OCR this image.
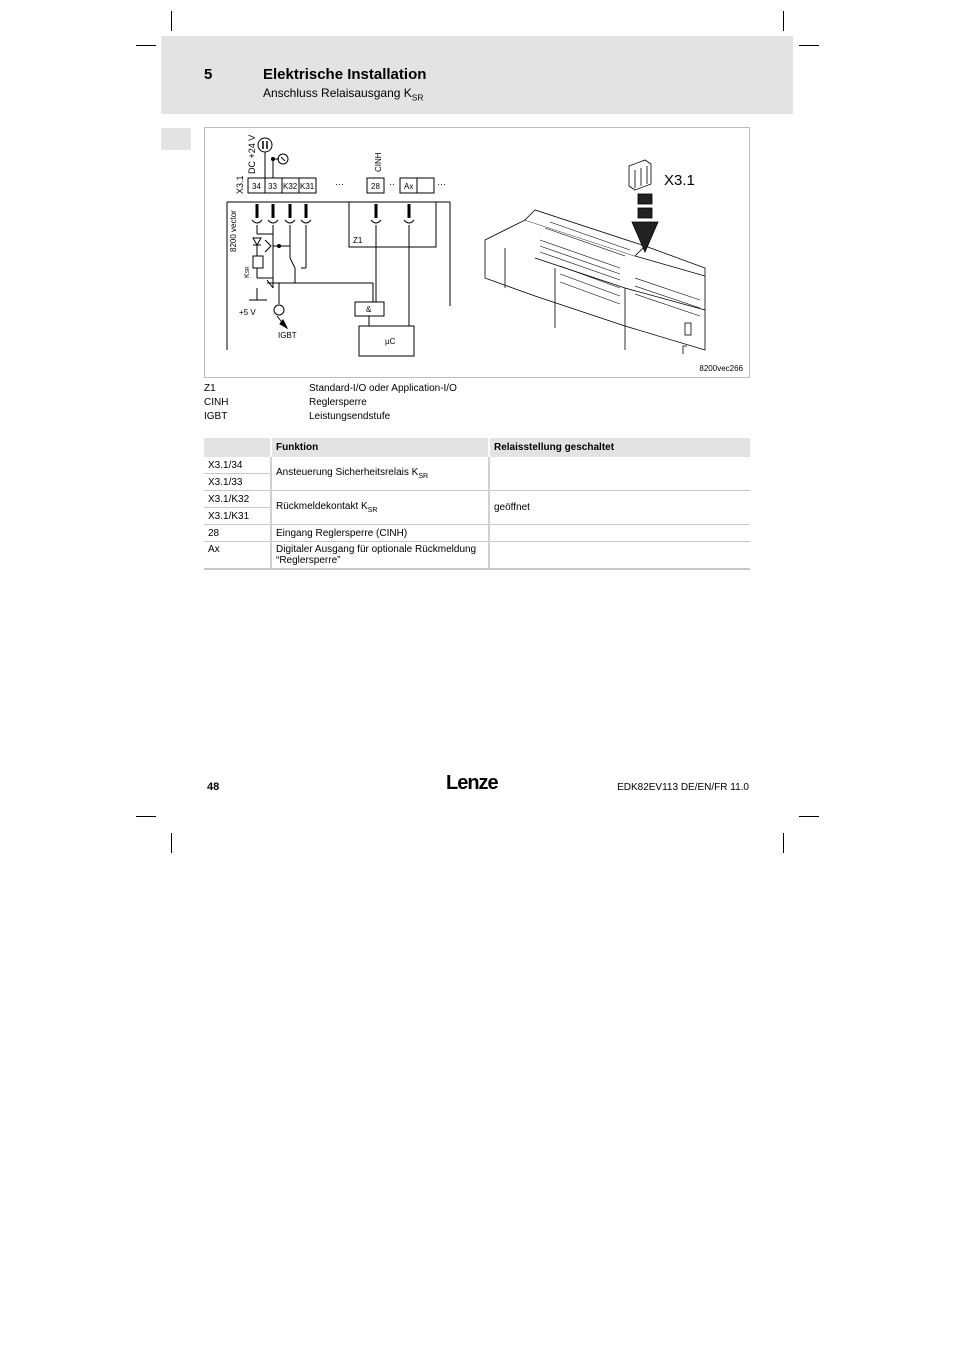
5	Elektrische Installation
Anschluss Relaisausgang $K_{SR}$
X3.1
DC +24 V
8200 vector
CINH
34 33 K32 K31
KSR
+5 V
IGBT
Z1
···	28 ·· Ax	···
&
µC
X3.1
8200vec266
Z1	Standard-I/O oder Application-I/O
CINH	Reglersperre
IGBT	Leistungsendstufe
	Funktion	Relaisstellung geschaltet
X3.1/34	Ansteuerung Sicherheitsrelais $K_{SR}$	
X3.1/33		
X3.1/K32	Rückmeldekontakt $K_{SR}$	geöffnet
X3.1/K31		
28	Eingang Reglersperre (CINH)	
Ax	Digitaler Ausgang für optionale Rückmeldung “Reglersperre”	
48	Lenze	EDK82EV113 DE/EN/FR 11.0
